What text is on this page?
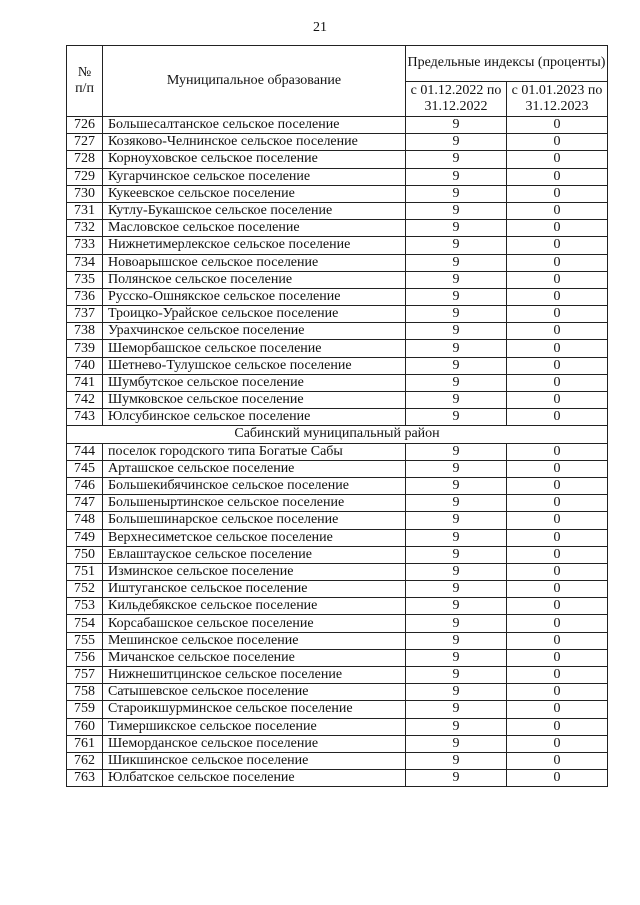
21
№
п/п	Муниципальное образование	Предельные индексы (проценты)	
		с 01.12.2022 по 31.12.2022	с 01.01.2023 по 31.12.2023
726	Большесалтанское сельское поселение	9	0
727	Козяково-Челнинское сельское поселение	9	0
728	Корноуховское сельское поселение	9	0
729	Кугарчинское сельское поселение	9	0
730	Кукеевское сельское поселение	9	0
731	Кутлу-Букашское сельское поселение	9	0
732	Масловское сельское поселение	9	0
733	Нижнетимерлекское сельское поселение	9	0
734	Новоарышское сельское поселение	9	0
735	Полянское сельское поселение	9	0
736	Русско-Ошнякское сельское поселение	9	0
737	Троицко-Урайское сельское поселение	9	0
738	Урахчинское сельское поселение	9	0
739	Шеморбашское сельское поселение	9	0
740	Шетнево-Тулушское сельское поселение	9	0
741	Шумбутское сельское поселение	9	0
742	Шумковское сельское поселение	9	0
743	Юлсубинское сельское поселение	9	0
Сабинский муниципальный район			
744	поселок городского типа Богатые Сабы	9	0
745	Арташское сельское поселение	9	0
746	Большекибячинское сельское поселение	9	0
747	Большеныртинское сельское поселение	9	0
748	Большешинарское сельское поселение	9	0
749	Верхнесиметское сельское поселение	9	0
750	Евлаштауское сельское поселение	9	0
751	Изминское сельское поселение	9	0
752	Иштуганское сельское поселение	9	0
753	Кильдебякское сельское поселение	9	0
754	Корсабашское сельское поселение	9	0
755	Мешинское сельское поселение	9	0
756	Мичанское сельское поселение	9	0
757	Нижнешитцинское сельское поселение	9	0
758	Сатышевское сельское поселение	9	0
759	Староикшурминское сельское поселение	9	0
760	Тимершикское сельское поселение	9	0
761	Шеморданское сельское поселение	9	0
762	Шикшинское сельское поселение	9	0
763	Юлбатское сельское поселение	9	0
